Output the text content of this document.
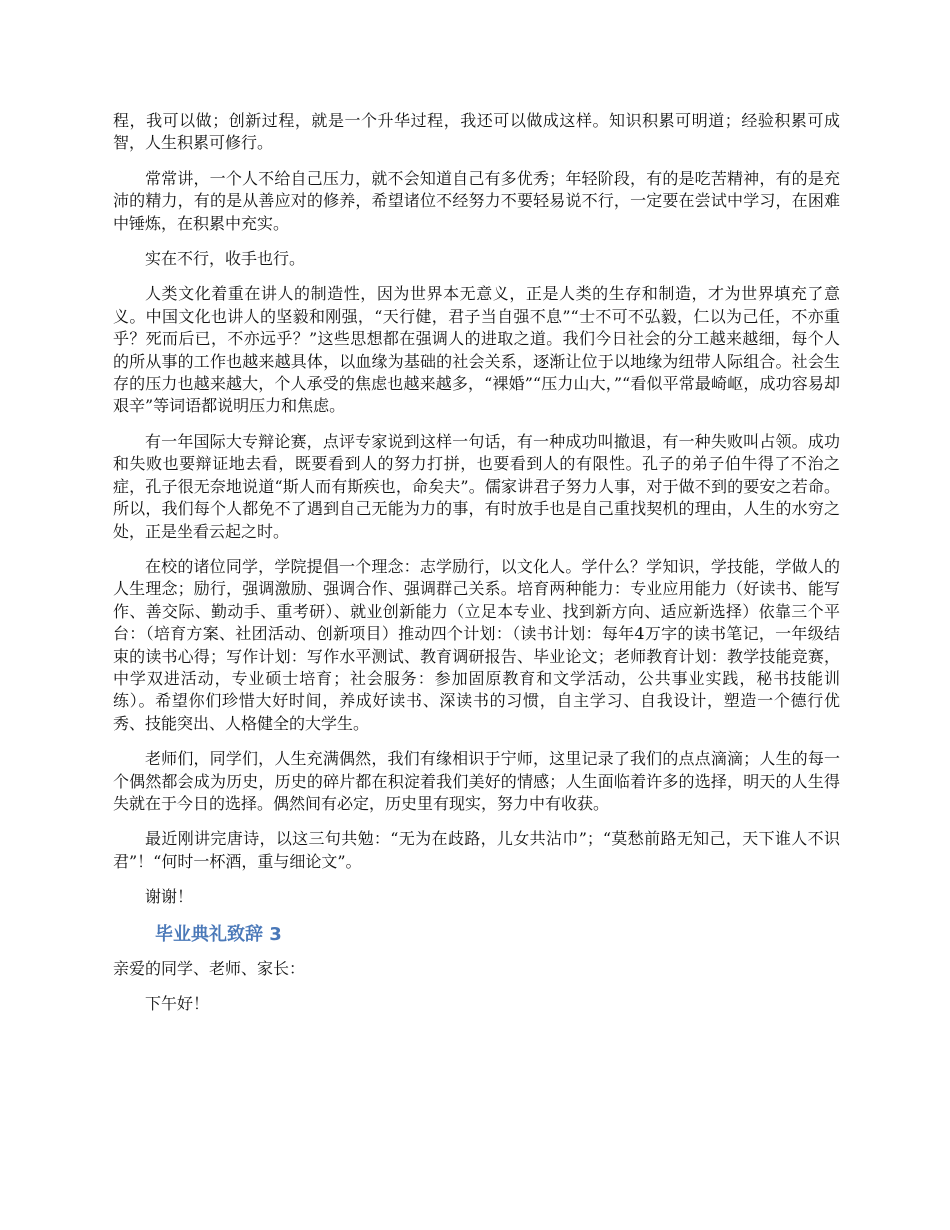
程，我可以做；创新过程，就是一个升华过程，我还可以做成这样。知识积累可明道；经验积累可成智，人生积累可修行。

常常讲，一个人不给自己压力，就不会知道自己有多优秀；年轻阶段，有的是吃苦精神，有的是充沛的精力，有的是从善应对的修养，希望诸位不经努力不要轻易说不行，一定要在尝试中学习，在困难中锤炼，在积累中充实。

实在不行，收手也行。

人类文化着重在讲人的制造性，因为世界本无意义，正是人类的生存和制造，才为世界填充了意义。中国文化也讲人的坚毅和刚强，“天行健，君子当自强不息”“士不可不弘毅，仁以为己任，不亦重乎？死而后已，不亦远乎？”这些思想都在强调人的进取之道。我们今日社会的分工越来越细，每个人的所从事的工作也越来越具体，以血缘为基础的社会关系，逐渐让位于以地缘为纽带人际组合。社会生存的压力也越来越大，个人承受的焦虑也越来越多，“裸婚”“压力山大，”“看似平常最崎岖，成功容易却艰辛”等词语都说明压力和焦虑。

有一年国际大专辩论赛，点评专家说到这样一句话，有一种成功叫撤退，有一种失败叫占领。成功和失败也要辩证地去看，既要看到人的努力打拼，也要看到人的有限性。孔子的弟子伯牛得了不治之症，孔子很无奈地说道“斯人而有斯疾也，命矣夫”。儒家讲君子努力人事，对于做不到的要安之若命。所以，我们每个人都免不了遇到自己无能为力的事，有时放手也是自己重找契机的理由，人生的水穷之处，正是坐看云起之时。

在校的诸位同学，学院提倡一个理念：志学励行，以文化人。学什么？学知识，学技能，学做人的人生理念；励行，强调激励、强调合作、强调群己关系。培育两种能力：专业应用能力（好读书、能写作、善交际、勤动手、重考研）、就业创新能力（立足本专业、找到新方向、适应新选择）依靠三个平台：（培育方案、社团活动、创新项目）推动四个计划：（读书计划：每年4万字的读书笔记，一年级结束的读书心得；写作计划：写作水平测试、教育调研报告、毕业论文；老师教育计划：教学技能竞赛，中学双进活动，专业硕士培育；社会服务：参加固原教育和文学活动，公共事业实践，秘书技能训练）。希望你们珍惜大好时间，养成好读书、深读书的习惯，自主学习、自我设计，塑造一个德行优秀、技能突出、人格健全的大学生。

老师们，同学们，人生充满偶然，我们有缘相识于宁师，这里记录了我们的点点滴滴；人生的每一个偶然都会成为历史，历史的碎片都在积淀着我们美好的情感；人生面临着许多的选择，明天的人生得失就在于今日的选择。偶然间有必定，历史里有现实，努力中有收获。

最近刚讲完唐诗，以这三句共勉：“无为在歧路，儿女共沾巾”；“莫愁前路无知己，天下谁人不识君”！“何时一杯酒，重与细论文”。

谢谢！

毕业典礼致辞 3

亲爱的同学、老师、家长：

下午好！
